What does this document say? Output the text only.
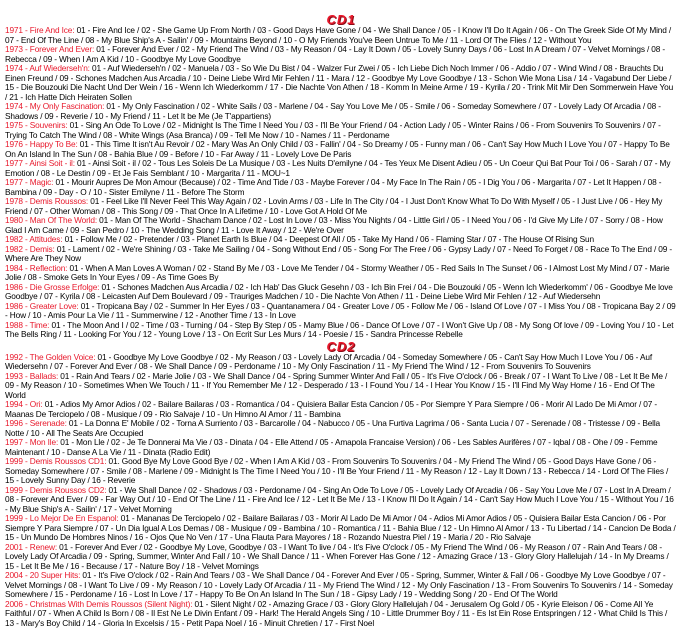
CD1
1971 - Fire And Ice: 01 - Fire And Ice / 02 - She Game Up From North / 03 - Good Days Have Gone / 04 - We Shall Dance / 05 - I Know I'll Do It Again / 06 - On The Greek Side Of My Mind / 07 - End Of The Line / 08 - My Blue Ship's A - Sailin' / 09 - Mountains Beyond / 10 - O My Friends You've Been Untrue To Me / 11 - Lord Of The Flies / 12 - Without You
1973 - Forever And Ever: 01 - Forever And Ever / 02 - My Friend The Wind / 03 - My Reason / 04 - Lay It Down / 05 - Lovely Sunny Days / 06 - Lost In A Dream / 07 - Velvet Mornings / 08 - Rebecca / 09 - When I Am A Kid / 10 - Goodbye My Love Goodbye
1974 - Auf Wiederseh'n: 01 - Auf Wiederseh'n / 02 - Manuela / 03 - So Wie Du Bist / 04 - Walzer Fur Zwei / 05 - Ich Liebe Dich Noch Immer / 06 - Addio / 07 - Wind Wind / 08 - Brauchts Du Einen Freund / 09 - Schones Madchen Aus Arcadia / 10 - Deine Liebe Wird Mir Fehlen / 11 - Mara / 12 - Goodbye My Love Goodbye / 13 - Schon Wie Mona Lisa / 14 - Vagabund Der Liebe / 15 - Die Bouzouki Die Nacht Und Der Wein / 16 - Wenn Ich Wiederkomm / 17 - Die Nachte Von Athen / 18 - Komm In Meine Arme / 19 - Kyrila / 20 - Trink Mit Mir Den Sommerwein Have You / 21 - Ich Hatte Dich Heiraten Sollen
1974 - My Only Fascination: 01 - My Only Fascination / 02 - White Sails / 03 - Marlene / 04 - Say You Love Me / 05 - Smile / 06 - Someday Somewhere / 07 - Lovely Lady Of Arcadia / 08 - Shadows / 09 - Reverie / 10 - My Friend / 11 - Let It be Me (Je T'appartiens)
1975 - Souvenirs: 01 - Sing An Ode To Love / 02 - Midnight Is The Time I Need You / 03 - I'll Be Your Friend / 04 - Action Lady / 05 - Winter Rains / 06 - From Souvenirs To Souvenirs / 07 -Trying To Catch The Wind / 08 - White Wings (Asa Branca) / 09 - Tell Me Now / 10 - Names / 11 - Perdoname
1976 - Happy To Be: 01 - This Time It isn't Au Revoir / 02 - Mary Was An Only Child / 03 - Fallin' / 04 - So Dreamy / 05 - Funny man / 06 - Can't Say How Much I Love You / 07 - Happy To Be On An Island In The Sun / 08 - Bahia Blue / 09 - Before / 10 - Far Away / 11 - Lovely Love De Paris
1977 - Ainsi Soit - il: 01 - Ainsi Soit - il / 02 - Tous Les Soleis De La Musique / 03 - Les Nuits D'emilyne / 04 - Tes Yeux Me Disent Adieu / 05 - Un Coeur Qui Bat Pour Toi / 06 - Sarah / 07 - My Emotion / 08 - Le Destin / 09 - Et Je Fais Semblant / 10 - Margarita / 11 - MOU~1
1977 - Magic: 01 - Mourir Aupres De Mon Amour (Because) / 02 - Time And Tide / 03 - Maybe Forever / 04 - My Face In The Rain / 05 - I Dig You / 06 - Margarita / 07 - Let It Happen / 08 - Bambina / 09 - Day - O / 10 - Sister Emilyne / 11 - Before The Storm
1978 - Demis Roussos: 01 - Feel Like I'll Never Feel This Way Again / 02 - Lovin Arms / 03 - Life In The City / 04 - I Just Don't Know What To Do With Myself / 05 - I Just Live / 06 - Hey My Friend / 07 - Other Woman / 08 - This Song / 09 - That Once In A Lifetime / 10 - Love Got A Hold Of Me
1980 - Man Of The World: 01 - Man Of The World - Shacham Dance / 02 - Lost In Love / 03 - Miss You Nights / 04 - Little Girl / 05 - I Need You / 06 - I'd Give My Life / 07 - Sorry / 08 - How Glad I Am Came / 09 - San Pedro / 10 - The Wedding Song / 11 - Love It Away / 12 - We're Over
1982 - Attitudes: 01 - Follow Me / 02 - Pretender / 03 - Planet Earth Is Blue / 04 - Deepest Of All / 05 - Take My Hand / 06 - Flaming Star / 07 - The House Of Rising Sun
1982 - Demis: 01 - Lament / 02 - We're Shining / 03 - Take Me Sailing / 04 - Song Without End / 05 - Song For The Free / 06 - Gypsy Lady / 07 - Need To Forget / 08 - Race To The End / 09 - Where Are They Now
1984 - Reflection: 01 - When A Man Loves A Woman / 02 - Stand By Me / 03 - Love Me Tender / 04 - Stormy Weather / 05 - Red Sails In The Sunset / 06 - I Almost Lost My Mind / 07 - Marie Jolie / 08 - Smoke Gets In Your Eyes / 09 - As Time Goes By
1986 - Die Grosse Erfolge: 01 - Schones Madchen Aus Arcadia / 02 - Ich Hab' Das Gluck Gesehn / 03 - Ich Bin Frei / 04 - Die Bouzouki / 05 - Wenn Ich Wiederkomm' / 06 - Goodbye Me love Goodbye / 07 - Kyrila / 08 - Leicasten Auf Dem Boulevard / 09 - Trauriges Madchen / 10 - Die Nachte Von Athen / 11 - Deine Liebe Wird Mir Fehlen / 12 - Auf Wiedersehn
1986 - Greater Love: 01 - Tropicana Bay / 02 - Summer In Her Eyes / 03 - Quantanamera / 04 - Greater Love / 05 - Follow Me / 06 - Island Of Love / 07 - I Miss You / 08 - Tropicana Bay 2 / 09 - How / 10 - Amis Pour La Vie / 11 - Summerwine / 12 - Another Time / 13 - In Love
1988 - Time: 01 - The Moon And I / 02 - Time / 03 - Turning / 04 - Step By Step / 05 - Mamy Blue / 06 - Dance Of Love / 07 - I Won't Give Up / 08 - My Song Of love / 09 - Loving You / 10 - Let The Bells Ring / 11 - Looking For You / 12 - Young Love / 13 - On Ecrit Sur Les Murs / 14 - Poesie / 15 - Sandra Princesse Rebelle
CD2
1992 - The Golden Voice: 01 - Goodbye My Love Goodbye / 02 - My Reason / 03 - Lovely Lady Of Arcadia / 04 - Someday Somewhere / 05 - Can't Say How Much I Love You / 06 - Auf Wiedersehn / 07 - Forever And Ever / 08 - We Shall Dance / 09 - Perdoname / 10 - My Only Fascination / 11 - My Friend The Wind / 12 - From Souvenirs To Souvenirs
1993 - Ballads: 01 - Rain And Tears / 02 - Marie Jolie / 03 - We Shall Dance / 04 - Spring Summer Winter And Fall / 05 - It's Five O'clock / 06 - Break / 07 - I Want To Live / 08 - Let It Be Me / 09 - My Reason / 10 - Sometimes When We Touch / 11 - If You Remember Me / 12 - Desperado / 13 - I Found You / 14 - I Hear You Know / 15 - I'll Find My Way Home / 16 - End Of The World
1994 - Ori: 01 - Adios My Amor Adios / 02 - Bailare Bailaras / 03 - Romantica / 04 - Quisiera Bailar Esta Cancion / 05 - Por Siempre Y Para Siempre / 06 - Morir Al Lado De Mi Amor / 07 - Maanas De Terciopelo / 08 - Musique / 09 - Rio Salvaje / 10 - Un Himno Al Amor / 11 - Bambina
1996 - Serenade: 01 - La Donna E' Mobile / 02 - Torna A Surriento / 03 - Barcarolle / 04 - Nabucco / 05 - Una Furtiva Lagrima / 06 - Santa Lucia / 07 - Serenade / 08 - Tristesse / 09 - Bella Notte / 10 - All The Seats Are Occupied
1997 - Mon Ile: 01 - Mon Lle / 02 - Je Te Donnerai Ma Vie / 03 - Dinata / 04 - Elle Attend / 05 - Amapola Francaise Version) / 06 - Les Sables Aurifères / 07 - Iqbal / 08 - Ohe / 09 - Femme Maintenant / 10 - Danse A La Vie / 11 - Dinata (Radio Edit)
1999 - Demis Roussos CD1: 01. Good Bye My Love Good Bye / 02 - When I Am A Kid / 03 - From Souvenirs To Souvenirs / 04 - My Friend The Wind / 05 - Good Days Have Gone / 06 - Someday Somewhere / 07 - Smile / 08 - Marlene / 09 - Midnight Is The Time I Need You / 10 - I'll Be Your Friend / 11 - My Reason / 12 - Lay It Down / 13 - Rebecca / 14 - Lord Of The Flies / 15 - Lovely Sunny Day / 16 - Reverie
1999 - Demis Roussos CD2: 01 - We Shall Dance / 02 - Shadows / 03 - Perdoname / 04 - Sing An Ode To Love / 05 - Lovely Lady Of Arcadia / 06 - Say You Love Me / 07 - Lost In A Dream / 08 - Forever And Ever / 09 - Far Way Out / 10 - End Of The Line / 11 - Fire And Ice / 12 - Let It Be Me / 13 - I Know I'll Do It Again / 14 - Can't Say How Much I Love You / 15 - Without You / 16 - My Blue Ship's A - Sailin' / 17 - Velvet Morning
1999 - Lo Mejor De En Espanol: 01 - Mananas De Terciopelo / 02 - Bailare Bailaras / 03 - Morir Al Lado De Mi Amor / 04 - Adios Mi Amor Adios / 05 - Quisiera Bailar Esta Cancion / 06 - Por Siempre Y Para Siempre / 07 - Un Dia Igual A Los Demas / 08 - Musique / 09 - Bambina / 10 - Romantica / 11 - Bahia Blue / 12 - Un Himno Al Amor / 13 - Tu Libertad / 14 - Cancion De Boda / 15 - Un Mundo De Hombres Ninos / 16 - Ojos Que No Ven / 17 - Una Flauta Para Mayores / 18 - Rozando Nuestra Piel / 19 - Maria / 20 - Rio Salvaje
2001 - Renew: 01 - Forever And Ever / 02 - Goodbye My Love, Goodbye / 03 - I Want To live / 04 - It's Five O'clock / 05 - My Friend The Wind / 06 - My Reason / 07 - Rain And Tears / 08 - Lovely Lady Of Arcadia / 09 - Spring, Summer, Winter And Fall / 10 - We Shall Dance / 11 - When Forever Has Gone / 12 - Amazing Grace / 13 - Glory Glory Hallelujah / 14 - In My Dreams / 15 - Let It Be Me / 16 - Because / 17 - Nature Boy / 18 - Velvet Mornings
2004 - 20 Super Hits: 01 - It's Five O'clock / 02 - Rain And Tears / 03 - We Shall Dance / 04 - Forever And Ever / 05 - Spring, Summer, Winter & Fall / 06 - Goodbye My Love Goodbye / 07 - Velvet Mornings / 08 - I Want To Live / 09 - My Reason / 10 - Lovely Lady Of Arcadia / 11 - My Friend The Wind / 12 - My Only Fascination / 13 - From Souvenirs To Souvenirs / 14 - Someday Somewhere / 15 - Perdoname / 16 - Lost In Love / 17 - Happy To Be On An Island In The Sun / 18 - Gipsy Lady / 19 - Wedding Song / 20 - End Of The World
2006 - Christmas With Demis Roussos (Silent Night): 01 - Silent Night / 02 - Amazing Grace / 03 - Glory Glory Hallelujah / 04 - Jerusalem Og Gold / 05 - Kyrie Eleison / 06 - Come All Ye Faithful / 07 - When A Child Is Born / 08 - Il Est Ne Le Divin Enfant / 09 - Hark! The Herald Angels Sing / 10 - Little Drummer Boy / 11 - Es Ist Ein Rose Entspringen / 12 - What Child Is This / 13 - Mary's Boy Child / 14 - Gloria In Excelsis / 15 - Petit Papa Noel / 16 - Minuit Chretien / 17 - First Noel
